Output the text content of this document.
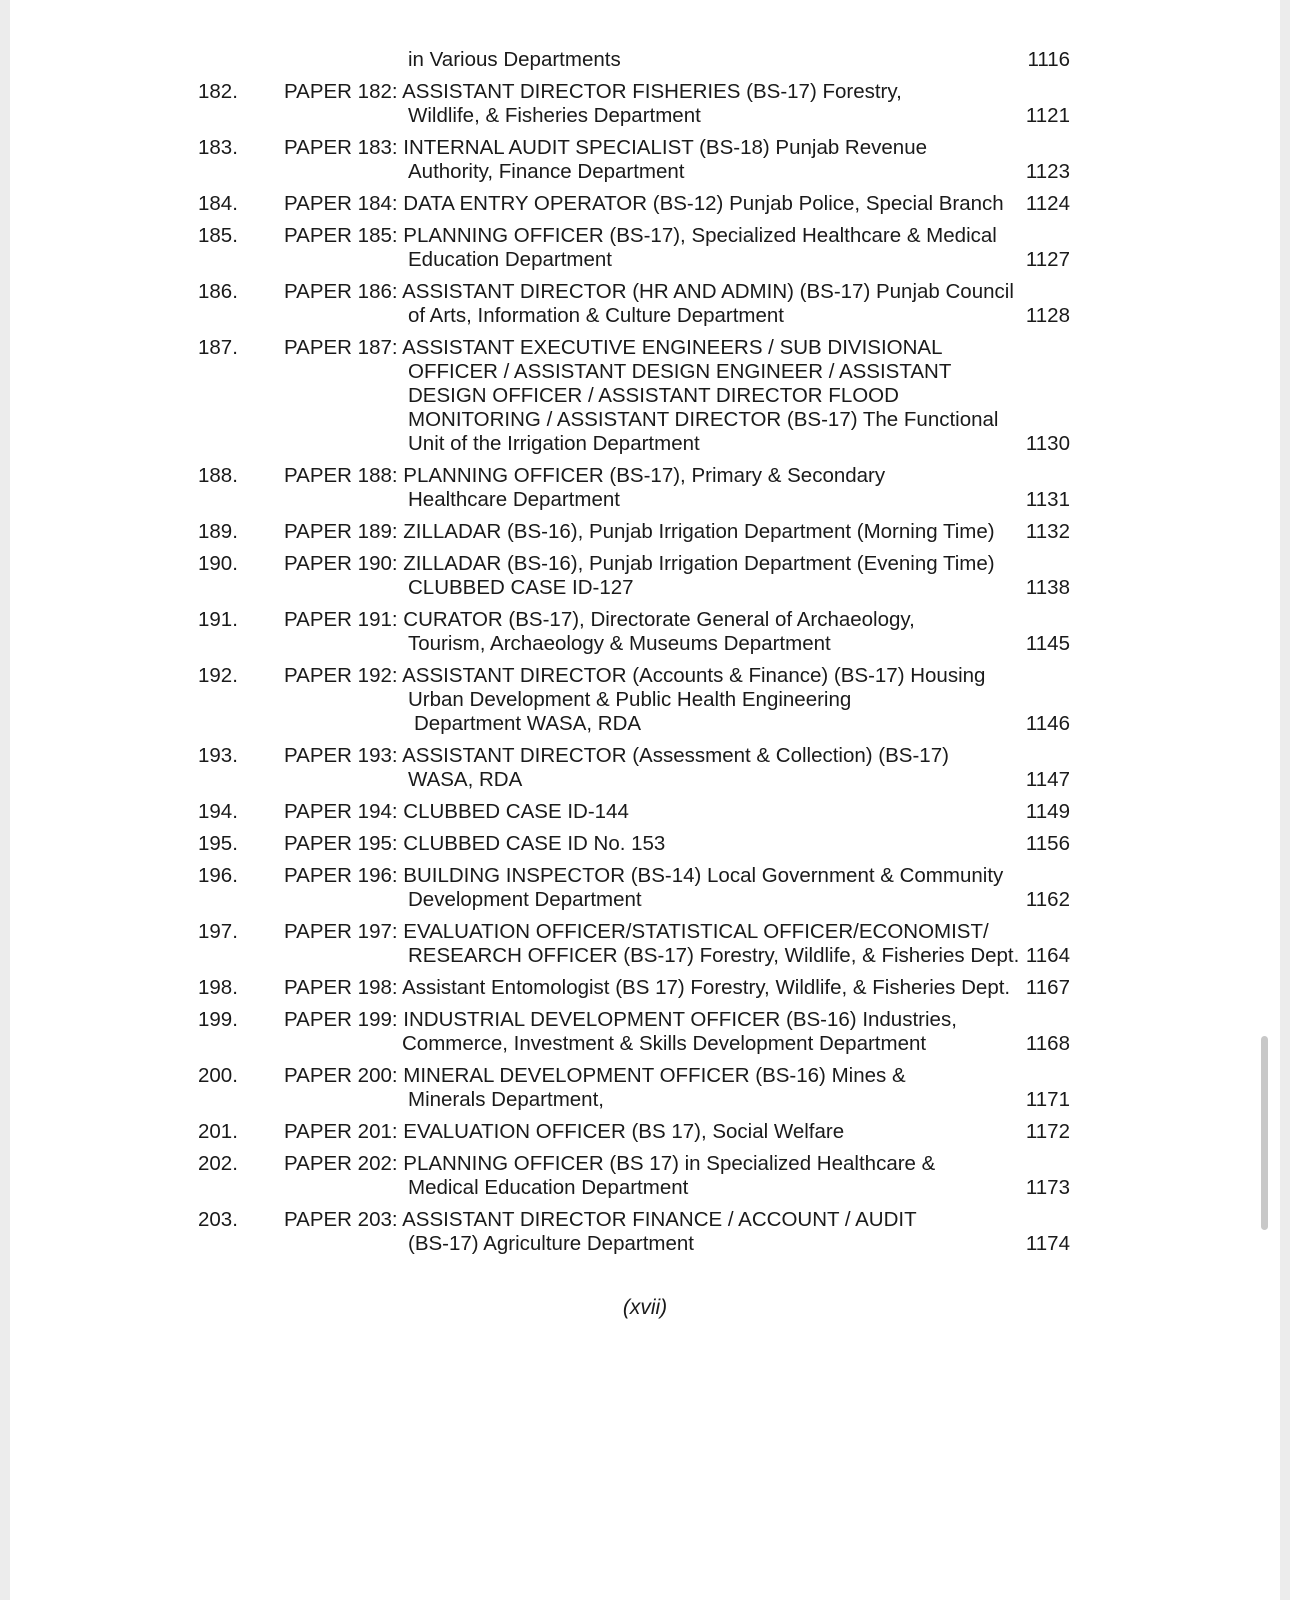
in Various Departments	1116
182.	PAPER 182: ASSISTANT DIRECTOR FISHERIES (BS-17) Forestry,
Wildlife, & Fisheries Department	1121
183.	PAPER 183: INTERNAL AUDIT SPECIALIST (BS-18) Punjab Revenue
Authority, Finance Department	1123
184.	PAPER 184: DATA ENTRY OPERATOR (BS-12) Punjab Police, Special Branch	1124
185.	PAPER 185: PLANNING OFFICER (BS-17), Specialized Healthcare & Medical
Education Department	1127
186.	PAPER 186: ASSISTANT DIRECTOR (HR AND ADMIN) (BS-17) Punjab Council
of Arts, Information & Culture Department	1128
187.	PAPER 187: ASSISTANT EXECUTIVE ENGINEERS / SUB DIVISIONAL
OFFICER / ASSISTANT DESIGN ENGINEER / ASSISTANT
DESIGN OFFICER / ASSISTANT DIRECTOR FLOOD
MONITORING / ASSISTANT DIRECTOR (BS-17) The Functional
Unit of the Irrigation Department	1130
188.	PAPER 188: PLANNING OFFICER (BS-17), Primary & Secondary
Healthcare Department	1131
189.	PAPER 189: ZILLADAR (BS-16), Punjab Irrigation Department (Morning Time)	1132
190.	PAPER 190: ZILLADAR (BS-16), Punjab Irrigation Department (Evening Time)
CLUBBED CASE ID-127	1138
191.	PAPER 191: CURATOR (BS-17), Directorate General of Archaeology,
Tourism, Archaeology & Museums Department	1145
192.	PAPER 192: ASSISTANT DIRECTOR (Accounts & Finance) (BS-17) Housing
Urban Development & Public Health Engineering
Department WASA, RDA	1146
193.	PAPER 193: ASSISTANT DIRECTOR (Assessment & Collection) (BS-17)
WASA, RDA	1147
194.	PAPER 194: CLUBBED CASE ID-144	1149
195.	PAPER 195: CLUBBED CASE ID No. 153	1156
196.	PAPER 196: BUILDING INSPECTOR (BS-14) Local Government & Community
Development Department	1162
197.	PAPER 197: EVALUATION OFFICER/STATISTICAL OFFICER/ECONOMIST/
RESEARCH OFFICER (BS-17) Forestry, Wildlife, & Fisheries Dept. 1164
198.	PAPER 198: Assistant Entomologist (BS 17) Forestry, Wildlife, & Fisheries Dept. 1167
199.	PAPER 199: INDUSTRIAL DEVELOPMENT OFFICER (BS-16) Industries,
Commerce, Investment & Skills Development Department	1168
200.	PAPER 200: MINERAL DEVELOPMENT OFFICER (BS-16) Mines &
Minerals Department,	1171
201.	PAPER 201: EVALUATION OFFICER (BS 17), Social Welfare	1172
202.	PAPER 202: PLANNING OFFICER (BS 17) in Specialized Healthcare &
Medical Education Department	1173
203.	PAPER 203: ASSISTANT DIRECTOR FINANCE / ACCOUNT / AUDIT
(BS-17) Agriculture Department	1174
(xvii)
